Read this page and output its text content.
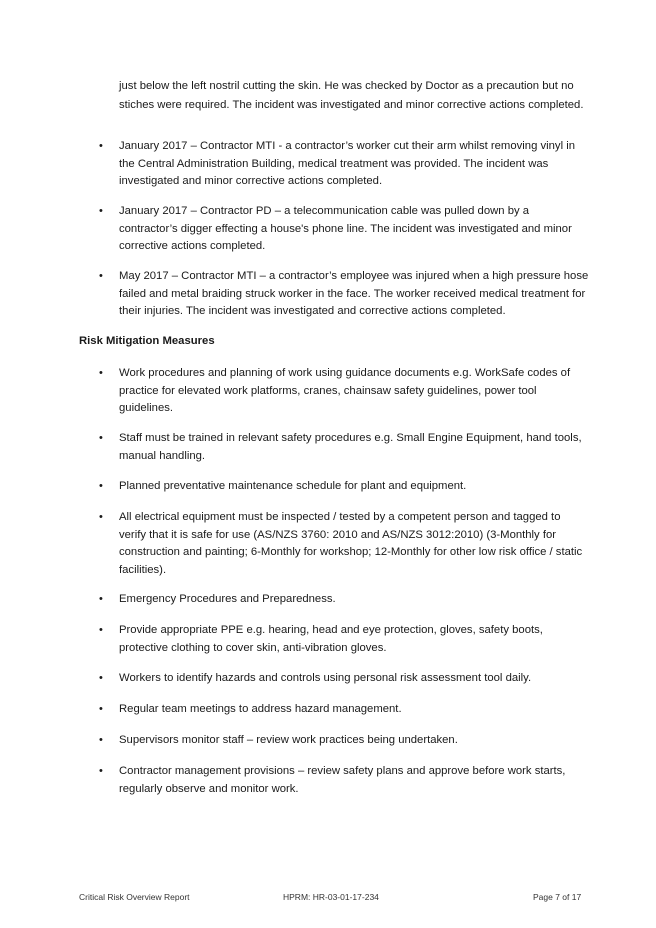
just below the left nostril cutting the skin. He was checked by Doctor as a precaution but no stiches were required. The incident was investigated and minor corrective actions completed.
• January 2017 – Contractor MTI - a contractor’s worker cut their arm whilst removing vinyl in the Central Administration Building, medical treatment was provided. The incident was investigated and minor corrective actions completed.
• January 2017 – Contractor PD – a telecommunication cable was pulled down by a contractor’s digger effecting a house's phone line. The incident was investigated and minor corrective actions completed.
• May 2017 – Contractor MTI – a contractor’s employee was injured when a high pressure hose failed and metal braiding struck worker in the face. The worker received medical treatment for their injuries. The incident was investigated and corrective actions completed.
Risk Mitigation Measures
• Work procedures and planning of work using guidance documents e.g. WorkSafe codes of practice for elevated work platforms, cranes, chainsaw safety guidelines, power tool guidelines.
• Staff must be trained in relevant safety procedures e.g. Small Engine Equipment, hand tools, manual handling.
• Planned preventative maintenance schedule for plant and equipment.
• All electrical equipment must be inspected / tested by a competent person and tagged to verify that it is safe for use (AS/NZS 3760: 2010 and AS/NZS 3012:2010) (3-Monthly for construction and painting; 6-Monthly for workshop; 12-Monthly for other low risk office / static facilities).
• Emergency Procedures and Preparedness.
• Provide appropriate PPE e.g. hearing, head and eye protection, gloves, safety boots, protective clothing to cover skin, anti-vibration gloves.
• Workers to identify hazards and controls using personal risk assessment tool daily.
• Regular team meetings to address hazard management.
• Supervisors monitor staff – review work practices being undertaken.
• Contractor management provisions – review safety plans and approve before work starts, regularly observe and monitor work.
Critical Risk Overview Report	HPRM: HR-03-01-17-234	Page 7 of 17
